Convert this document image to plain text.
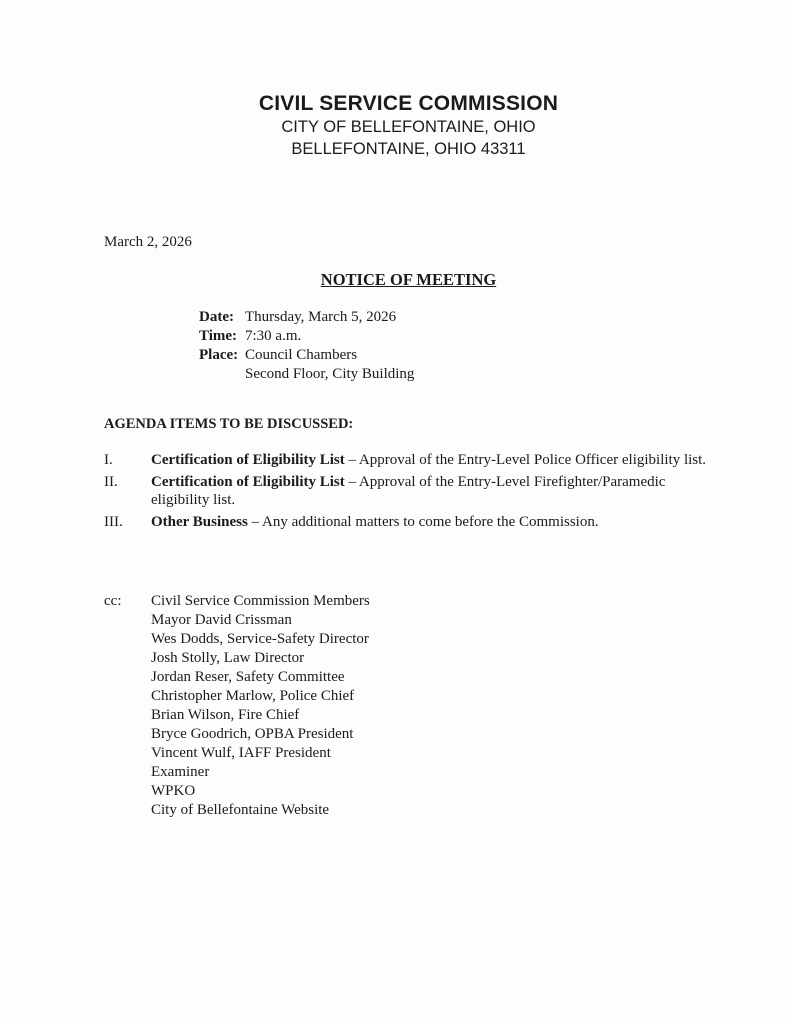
CIVIL SERVICE COMMISSION
CITY OF BELLEFONTAINE, OHIO
BELLEFONTAINE, OHIO 43311
March 2, 2026
NOTICE OF MEETING
Date: Thursday, March 5, 2026
Time: 7:30 a.m.
Place: Council Chambers
Second Floor, City Building
AGENDA ITEMS TO BE DISCUSSED:
I.	Certification of Eligibility List – Approval of the Entry-Level Police Officer eligibility list.
II.	Certification of Eligibility List – Approval of the Entry-Level Firefighter/Paramedic eligibility list.
III.	Other Business – Any additional matters to come before the Commission.
cc:	Civil Service Commission Members
Mayor David Crissman
Wes Dodds, Service-Safety Director
Josh Stolly, Law Director
Jordan Reser, Safety Committee
Christopher Marlow, Police Chief
Brian Wilson, Fire Chief
Bryce Goodrich, OPBA President
Vincent Wulf, IAFF President
Examiner
WPKO
City of Bellefontaine Website
